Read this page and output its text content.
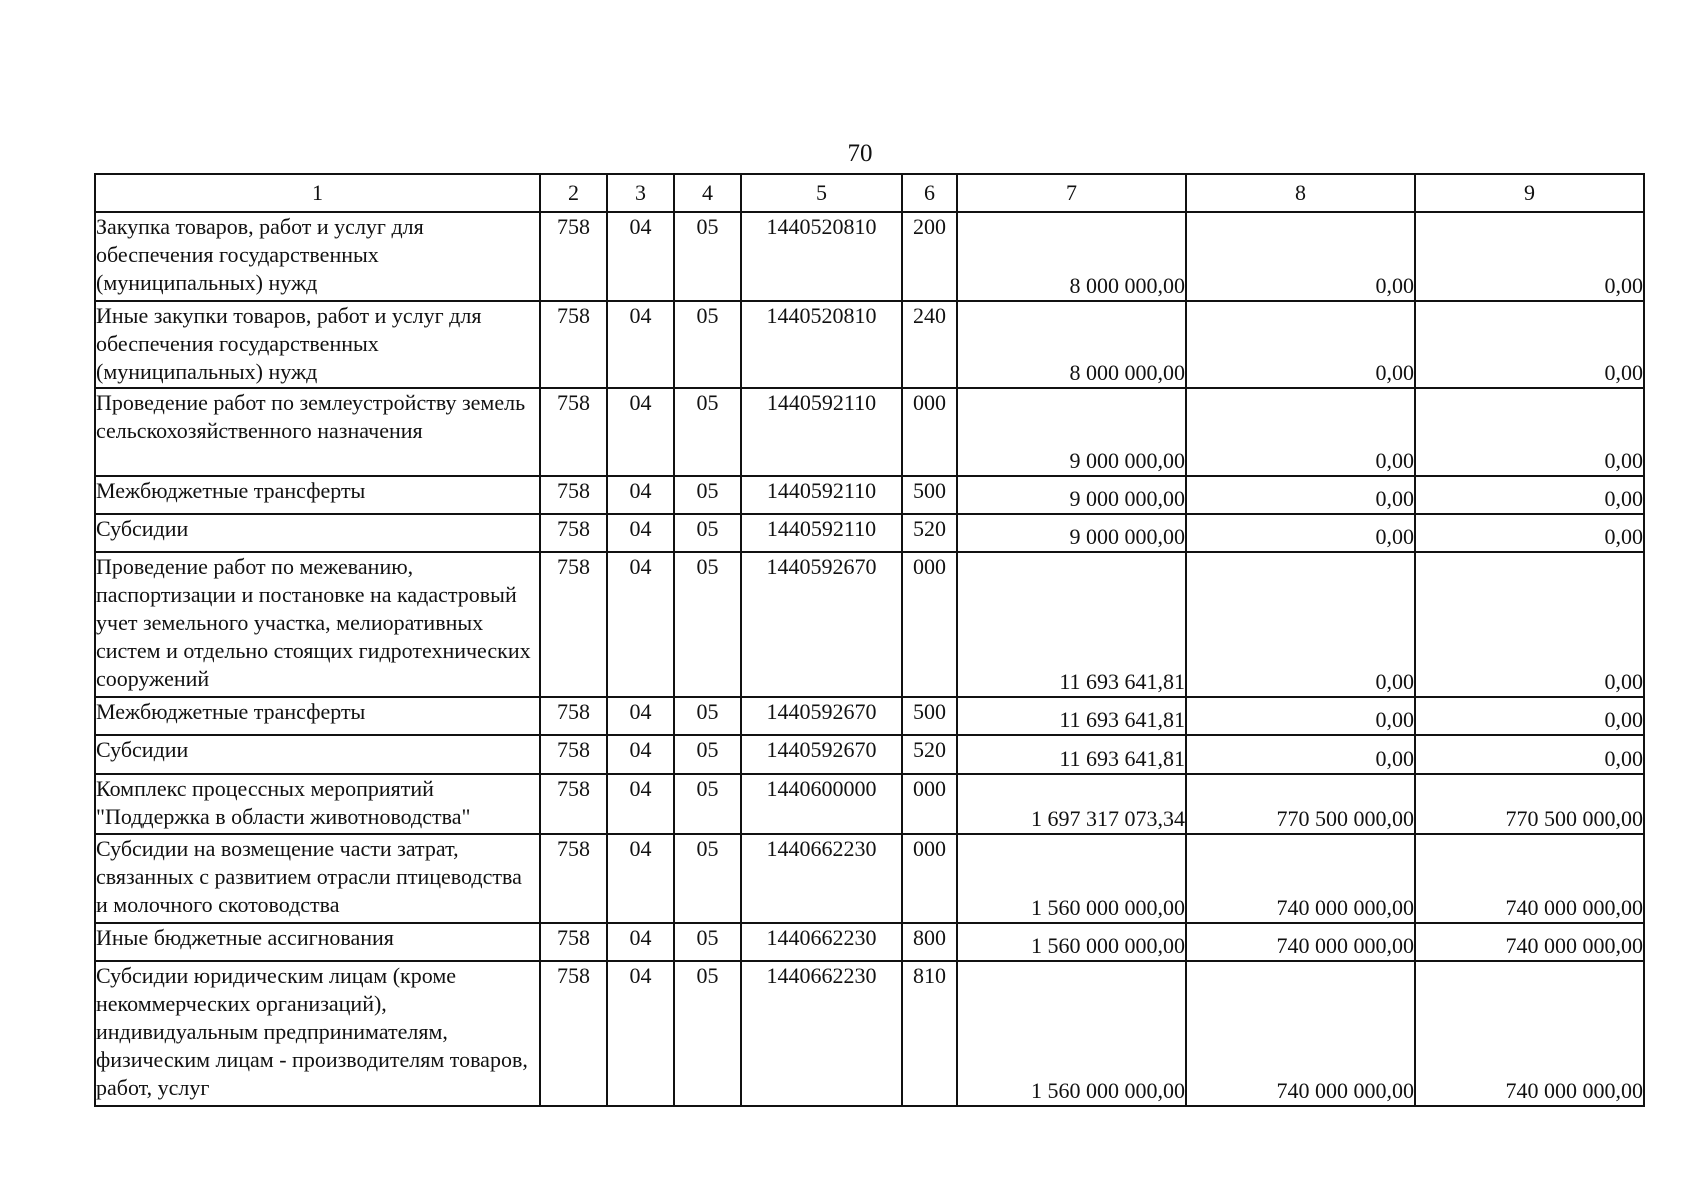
70
1	2	3	4	5	6	7	8	9
Закупка товаров, работ и услуг для обеспечения государственных (муниципальных) нужд	758	04	05	1440520810	200	8 000 000,00	0,00	0,00
Иные закупки товаров, работ и услуг для обеспечения государственных (муниципальных) нужд	758	04	05	1440520810	240	8 000 000,00	0,00	0,00
Проведение работ по землеустройству земель сельскохозяйственного назначения	758	04	05	1440592110	000	9 000 000,00	0,00	0,00
Межбюджетные трансферты	758	04	05	1440592110	500	9 000 000,00	0,00	0,00
Субсидии	758	04	05	1440592110	520	9 000 000,00	0,00	0,00
Проведение работ по межеванию, паспортизации и постановке на кадастровый учет земельного участка, мелиоративных систем и отдельно стоящих гидротехнических сооружений	758	04	05	1440592670	000	11 693 641,81	0,00	0,00
Межбюджетные трансферты	758	04	05	1440592670	500	11 693 641,81	0,00	0,00
Субсидии	758	04	05	1440592670	520	11 693 641,81	0,00	0,00
Комплекс процессных мероприятий "Поддержка в области животноводства"	758	04	05	1440600000	000	1 697 317 073,34	770 500 000,00	770 500 000,00
Субсидии на возмещение части затрат, связанных с развитием отрасли птицеводства и молочного скотоводства	758	04	05	1440662230	000	1 560 000 000,00	740 000 000,00	740 000 000,00
Иные бюджетные ассигнования	758	04	05	1440662230	800	1 560 000 000,00	740 000 000,00	740 000 000,00
Субсидии юридическим лицам (кроме некоммерческих организаций), индивидуальным предпринимателям, физическим лицам - производителям товаров, работ, услуг	758	04	05	1440662230	810	1 560 000 000,00	740 000 000,00	740 000 000,00
